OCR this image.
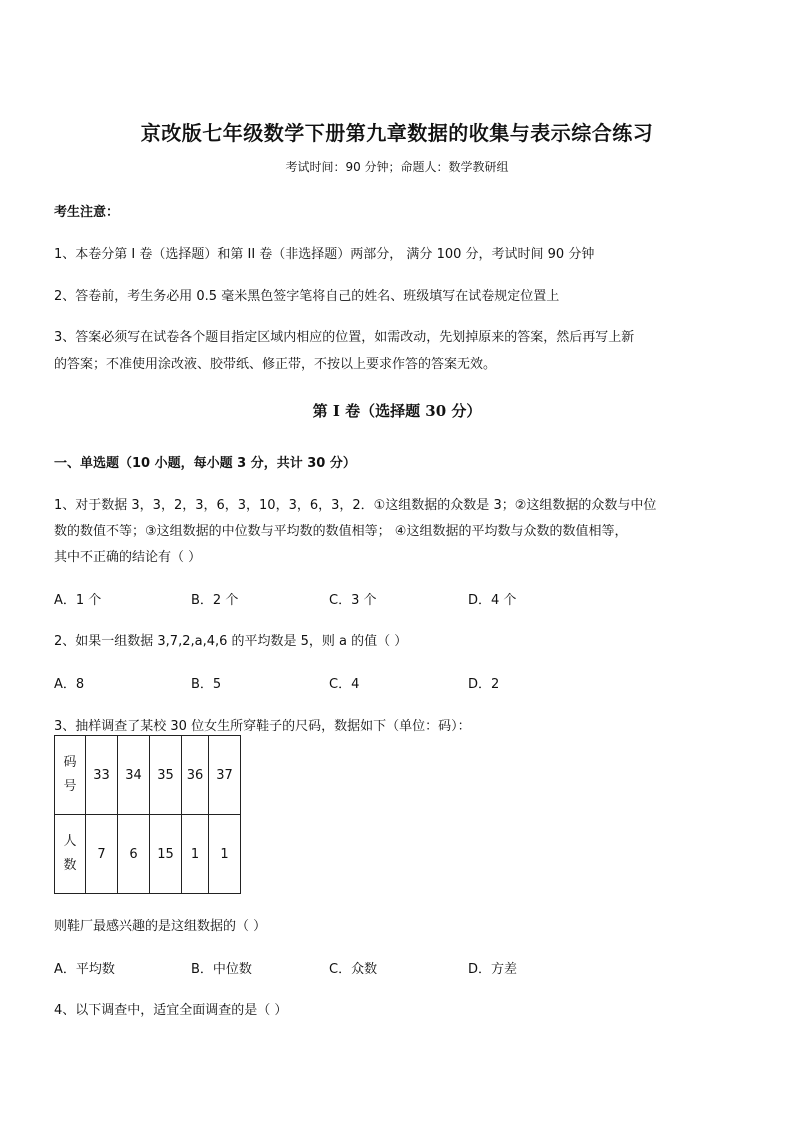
京改版七年级数学下册第九章数据的收集与表示综合练习
考试时间：90 分钟；命题人：数学教研组
考生注意：
1、本卷分第 I 卷（选择题）和第 II 卷（非选择题）两部分， 满分 100 分，考试时间 90 分钟
2、答卷前，考生务必用 0.5 毫米黑色签字笔将自己的姓名、班级填写在试卷规定位置上
3、答案必须写在试卷各个题目指定区域内相应的位置，如需改动，先划掉原来的答案，然后再写上新
的答案；不准使用涂改液、胶带纸、修正带，不按以上要求作答的答案无效。
第 I 卷（选择题 30 分）
一、单选题（10 小题，每小题 3 分，共计 30 分）
1、对于数据 3，3，2，3，6，3，10，3，6，3，2．①这组数据的众数是 3；②这组数据的众数与中位
数的数值不等；③这组数据的中位数与平均数的数值相等； ④这组数据的平均数与众数的数值相等，
其中不正确的结论有（ ）
A．1 个	B．2 个	C．3 个	D．4 个
2、如果一组数据 3,7,2,a,4,6 的平均数是 5，则 a 的值（ ）
A．8	B．5	C．4	D．2
3、抽样调查了某校 30 位女生所穿鞋子的尺码，数据如下（单位：码）：
码
号	33	34	35	36	37

人
数	7	6	15	1	1
则鞋厂最感兴趣的是这组数据的（ ）
A．平均数	B．中位数	C．众数	D．方差
4、以下调查中，适宜全面调查的是（ ）
